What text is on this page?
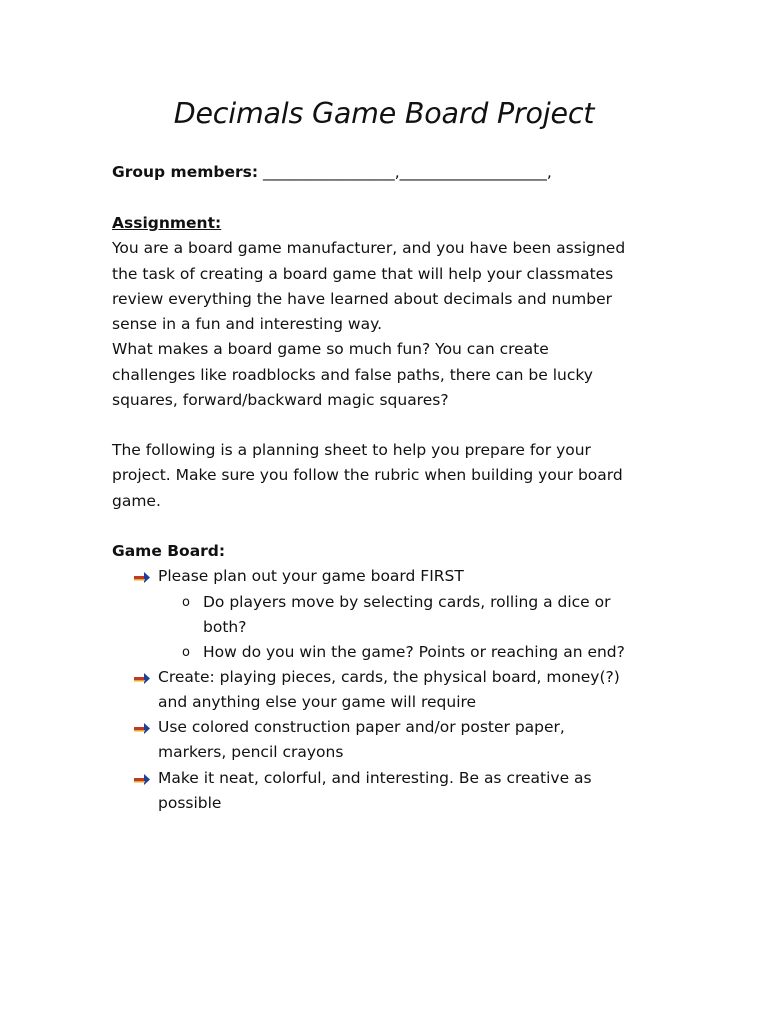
Decimals Game Board Project
Group members: _________________,___________________,
Assignment:
You are a board game manufacturer, and you have been assigned
the task of creating a board game that will help your classmates
review everything the have learned about decimals and number
sense in a fun and interesting way.
What makes a board game so much fun? You can create
challenges like roadblocks and false paths, there can be lucky
squares, forward/backward magic squares?
The following is a planning sheet to help you prepare for your
project. Make sure you follow the rubric when building your board
game.
Game Board:
Please plan out your game board FIRST
o Do players move by selecting cards, rolling a dice or
both?
o How do you win the game? Points or reaching an end?
Create: playing pieces, cards, the physical board, money(?)
and anything else your game will require
Use colored construction paper and/or poster paper,
markers, pencil crayons
Make it neat, colorful, and interesting. Be as creative as
possible
